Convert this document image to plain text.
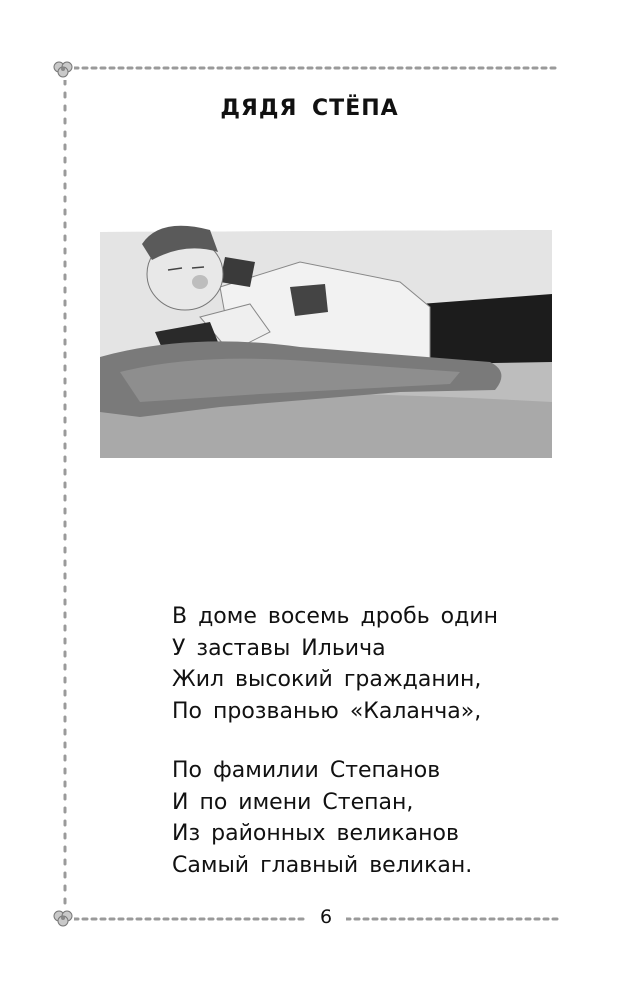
ДЯДЯ СТЁПА
В доме восемь дробь один
У заставы Ильича
Жил высокий гражданин,
По прозванью «Каланча»,
По фамилии Степанов
И по имени Степан,
Из районных великанов
Самый главный великан.
6
